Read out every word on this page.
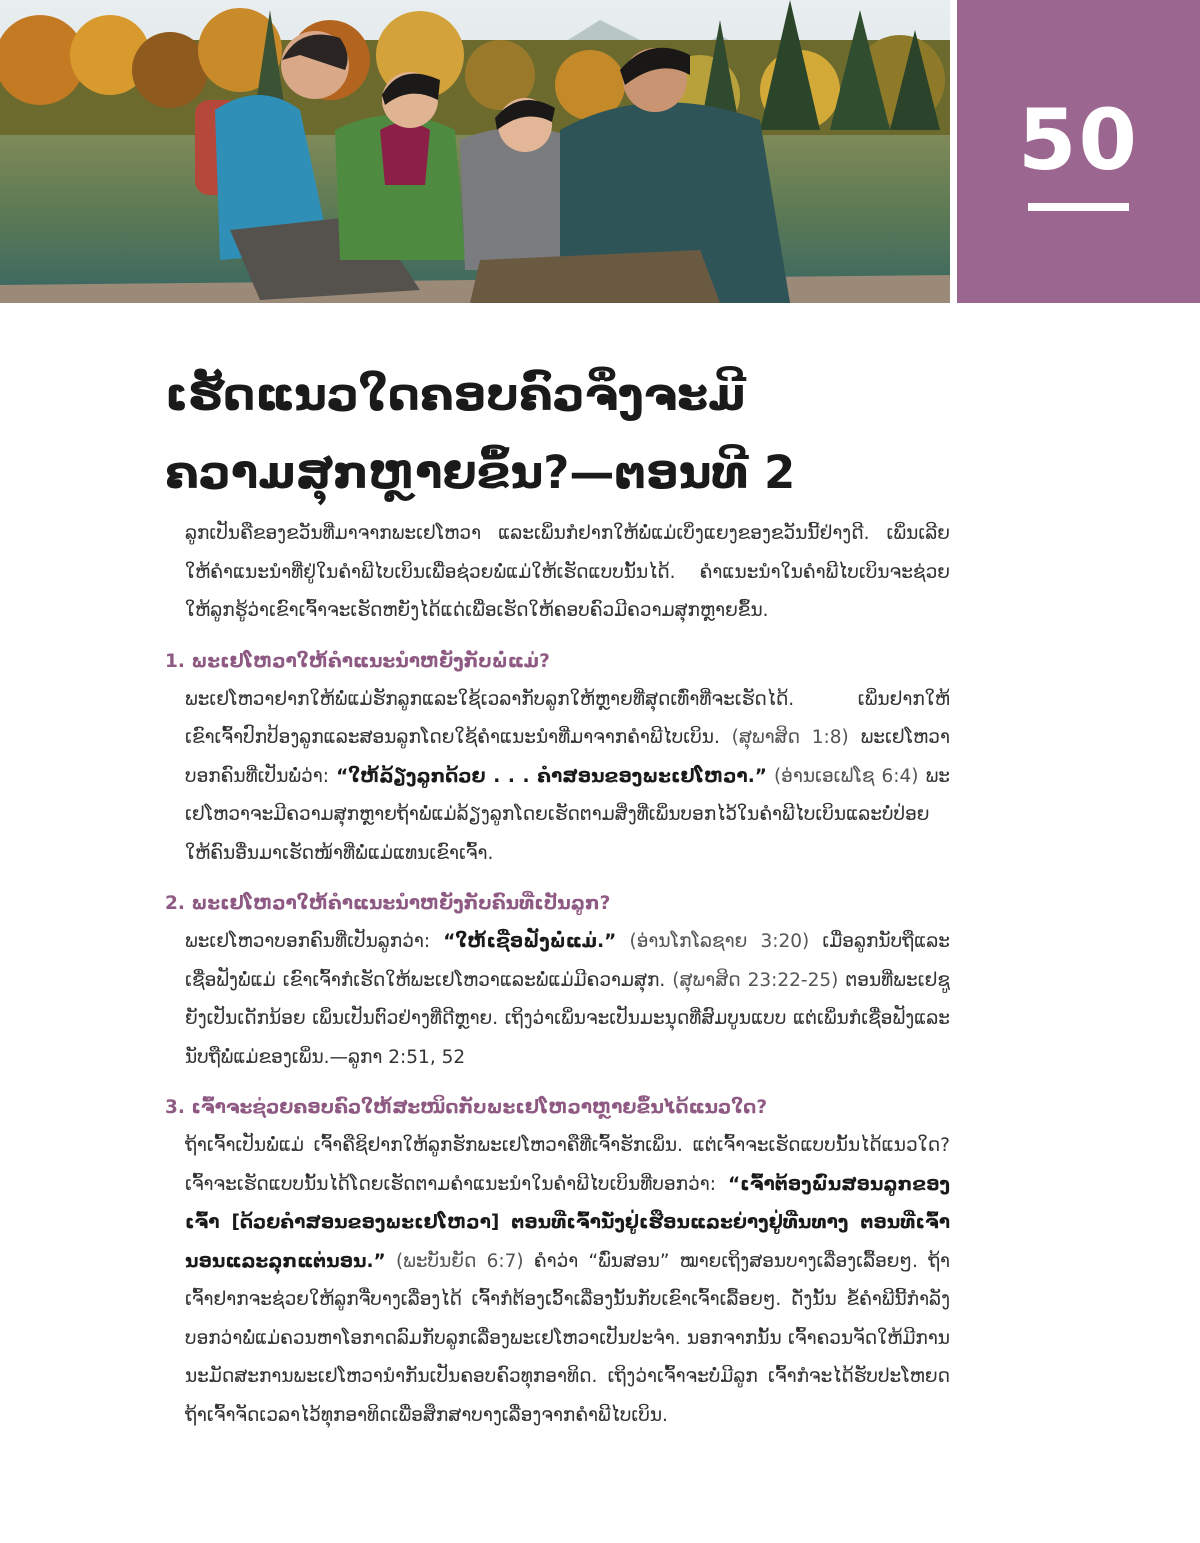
50
ເຮັດແນວໃດຄອບຄົວຈຶ່ງຈະມີ
ຄວາມສຸກຫຼາຍຂຶ້ນ?—ຕອນທີ 2

ລູກເປັນຄືຂອງຂວັນທີ່ມາຈາກພະເຢໂຫວາ ແລະເພິ່ນກໍຢາກໃຫ້ພໍ່ແມ່ເບິ່ງແຍງຂອງຂວັນນີ້ຢ່າງດີ. ເພິ່ນເລີຍໃຫ້ຄຳແນະນຳທີ່ຢູ່ໃນຄຳພີໄບເບິນເພື່ອຊ່ວຍພໍ່ແມ່ໃຫ້ເຮັດແບບນັ້ນໄດ້. ຄຳແນະນຳໃນຄຳພີໄບເບິນຈະຊ່ວຍໃຫ້ລູກຮູ້ວ່າເຂົາເຈົ້າຈະເຮັດຫຍັງໄດ້ແດ່ເພື່ອເຮັດໃຫ້ຄອບຄົວມີຄວາມສຸກຫຼາຍຂຶ້ນ.

1. ພະເຢໂຫວາໃຫ້ຄຳແນະນຳຫຍັງກັບພໍ່ແມ່?

ພະເຢໂຫວາຢາກໃຫ້ພໍ່ແມ່ຮັກລູກແລະໃຊ້ເວລາກັບລູກໃຫ້ຫຼາຍທີ່ສຸດເທົ່າທີ່ຈະເຮັດໄດ້. ເພິ່ນຢາກໃຫ້ເຂົາເຈົ້າປົກປ້ອງລູກແລະສອນລູກໂດຍໃຊ້ຄຳແນະນຳທີ່ມາຈາກຄຳພີໄບເບິນ. (ສຸພາສິດ 1:8) ພະເຢໂຫວາບອກຄົນທີ່ເປັນພໍ່ວ່າ: “ໃຫ້ລ້ຽງລູກດ້ວຍ . . . ຄຳສອນຂອງພະເຢໂຫວາ.” (ອ່ານເອເຟໂຊ 6:4) ພະເຢໂຫວາຈະມີຄວາມສຸກຫຼາຍຖ້າພໍ່ແມ່ລ້ຽງລູກໂດຍເຮັດຕາມສິ່ງທີ່ເພິ່ນບອກໄວ້ໃນຄຳພີໄບເບິນແລະບໍ່ປ່ອຍໃຫ້ຄົນອື່ນມາເຮັດໜ້າທີ່ພໍ່ແມ່ແທນເຂົາເຈົ້າ.

2. ພະເຢໂຫວາໃຫ້ຄຳແນະນຳຫຍັງກັບຄົນທີ່ເປັນລູກ?

ພະເຢໂຫວາບອກຄົນທີ່ເປັນລູກວ່າ: “ໃຫ້ເຊື່ອຟັງພໍ່ແມ່.” (ອ່ານໂກໂລຊາຍ 3:20) ເມື່ອລູກນັບຖືແລະເຊື່ອຟັງພໍ່ແມ່ ເຂົາເຈົ້າກໍເຮັດໃຫ້ພະເຢໂຫວາແລະພໍ່ແມ່ມີຄວາມສຸກ. (ສຸພາສິດ 23:22-25) ຕອນທີ່ພະເຢຊູຍັງເປັນເດັກນ້ອຍ ເພິ່ນເປັນຕົວຢ່າງທີ່ດີຫຼາຍ. ເຖິງວ່າເພິ່ນຈະເປັນມະນຸດທີ່ສົມບູນແບບ ແຕ່ເພິ່ນກໍເຊື່ອຟັງແລະນັບຖືພໍ່ແມ່ຂອງເພິ່ນ.—ລູກາ 2:51, 52

3. ເຈົ້າຈະຊ່ວຍຄອບຄົວໃຫ້ສະໜິດກັບພະເຢໂຫວາຫຼາຍຂຶ້ນໄດ້ແນວໃດ?

ຖ້າເຈົ້າເປັນພໍ່ແມ່ ເຈົ້າຄືຊິຢາກໃຫ້ລູກຮັກພະເຢໂຫວາຄືທີ່ເຈົ້າຮັກເພິ່ນ. ແຕ່ເຈົ້າຈະເຮັດແບບນັ້ນໄດ້ແນວໃດ? ເຈົ້າຈະເຮັດແບບນັ້ນໄດ້ໂດຍເຮັດຕາມຄຳແນະນຳໃນຄຳພີໄບເບິນທີ່ບອກວ່າ: “ເຈົ້າຕ້ອງພົ່ນສອນລູກຂອງເຈົ້າ [ດ້ວຍຄຳສອນຂອງພະເຢໂຫວາ] ຕອນທີ່ເຈົ້ານັ່ງຢູ່ເຮືອນແລະຍ່າງຢູ່ທີ່ນທາງ ຕອນທີ່ເຈົ້ານອນແລະລຸກແຕ່ນອນ.” (ພະບັນຍັດ 6:7) ຄຳວ່າ “ພົ່ນສອນ” ໝາຍເຖິງສອນບາງເລື່ອງເລື້ອຍໆ. ຖ້າເຈົ້າຢາກຈະຊ່ວຍໃຫ້ລູກຈື່ບາງເລື່ອງໄດ້ ເຈົ້າກໍຕ້ອງເວົ້າເລື່ອງນັ້ນກັບເຂົາເຈົ້າເລື້ອຍໆ. ດັ່ງນັ້ນ ຂໍ້ຄຳພີນີ້ກຳລັງບອກວ່າພໍ່ແມ່ຄວນຫາໂອກາດລົມກັບລູກເລື່ອງພະເຢໂຫວາເປັນປະຈຳ. ນອກຈາກນັ້ນ ເຈົ້າຄວນຈັດໃຫ້ມີການນະມັດສະການພະເຢໂຫວານຳກັນເປັນຄອບຄົວທຸກອາທິດ. ເຖິງວ່າເຈົ້າຈະບໍ່ມີລູກ ເຈົ້າກໍຈະໄດ້ຮັບປະໂຫຍດຖ້າເຈົ້າຈັດເວລາໄວ້ທຸກອາທິດເພື່ອສຶກສາບາງເລື່ອງຈາກຄຳພີໄບເບິນ.
